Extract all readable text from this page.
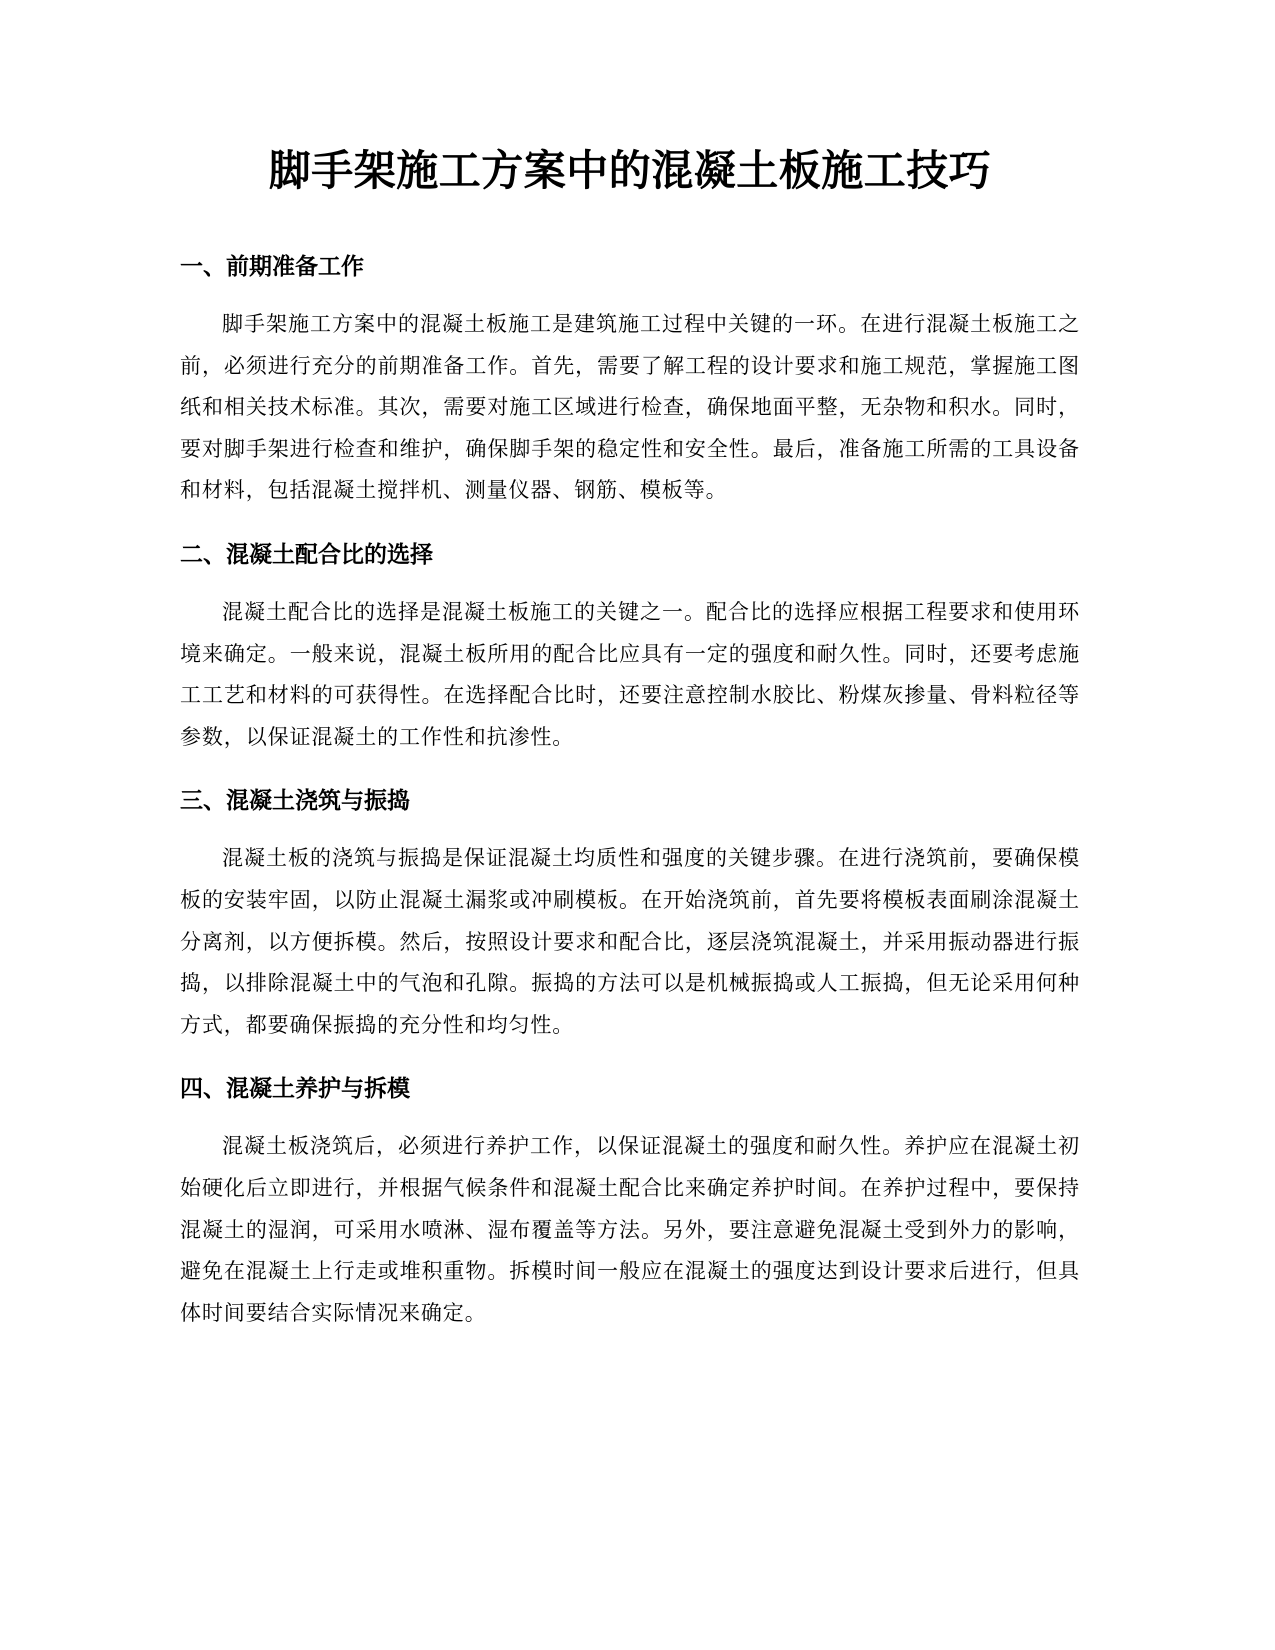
脚手架施工方案中的混凝土板施工技巧
一、前期准备工作

脚手架施工方案中的混凝土板施工是建筑施工过程中关键的一环。在进行混凝土板施工之前，必须进行充分的前期准备工作。首先，需要了解工程的设计要求和施工规范，掌握施工图纸和相关技术标准。其次，需要对施工区域进行检查，确保地面平整，无杂物和积水。同时，要对脚手架进行检查和维护，确保脚手架的稳定性和安全性。最后，准备施工所需的工具设备和材料，包括混凝土搅拌机、测量仪器、钢筋、模板等。

二、混凝土配合比的选择

混凝土配合比的选择是混凝土板施工的关键之一。配合比的选择应根据工程要求和使用环境来确定。一般来说，混凝土板所用的配合比应具有一定的强度和耐久性。同时，还要考虑施工工艺和材料的可获得性。在选择配合比时，还要注意控制水胶比、粉煤灰掺量、骨料粒径等参数，以保证混凝土的工作性和抗渗性。

三、混凝土浇筑与振捣

混凝土板的浇筑与振捣是保证混凝土均质性和强度的关键步骤。在进行浇筑前，要确保模板的安装牢固，以防止混凝土漏浆或冲刷模板。在开始浇筑前，首先要将模板表面刷涂混凝土分离剂，以方便拆模。然后，按照设计要求和配合比，逐层浇筑混凝土，并采用振动器进行振捣，以排除混凝土中的气泡和孔隙。振捣的方法可以是机械振捣或人工振捣，但无论采用何种方式，都要确保振捣的充分性和均匀性。

四、混凝土养护与拆模

混凝土板浇筑后，必须进行养护工作，以保证混凝土的强度和耐久性。养护应在混凝土初始硬化后立即进行，并根据气候条件和混凝土配合比来确定养护时间。在养护过程中，要保持混凝土的湿润，可采用水喷淋、湿布覆盖等方法。另外，要注意避免混凝土受到外力的影响，避免在混凝土上行走或堆积重物。拆模时间一般应在混凝土的强度达到设计要求后进行，但具体时间要结合实际情况来确定。
